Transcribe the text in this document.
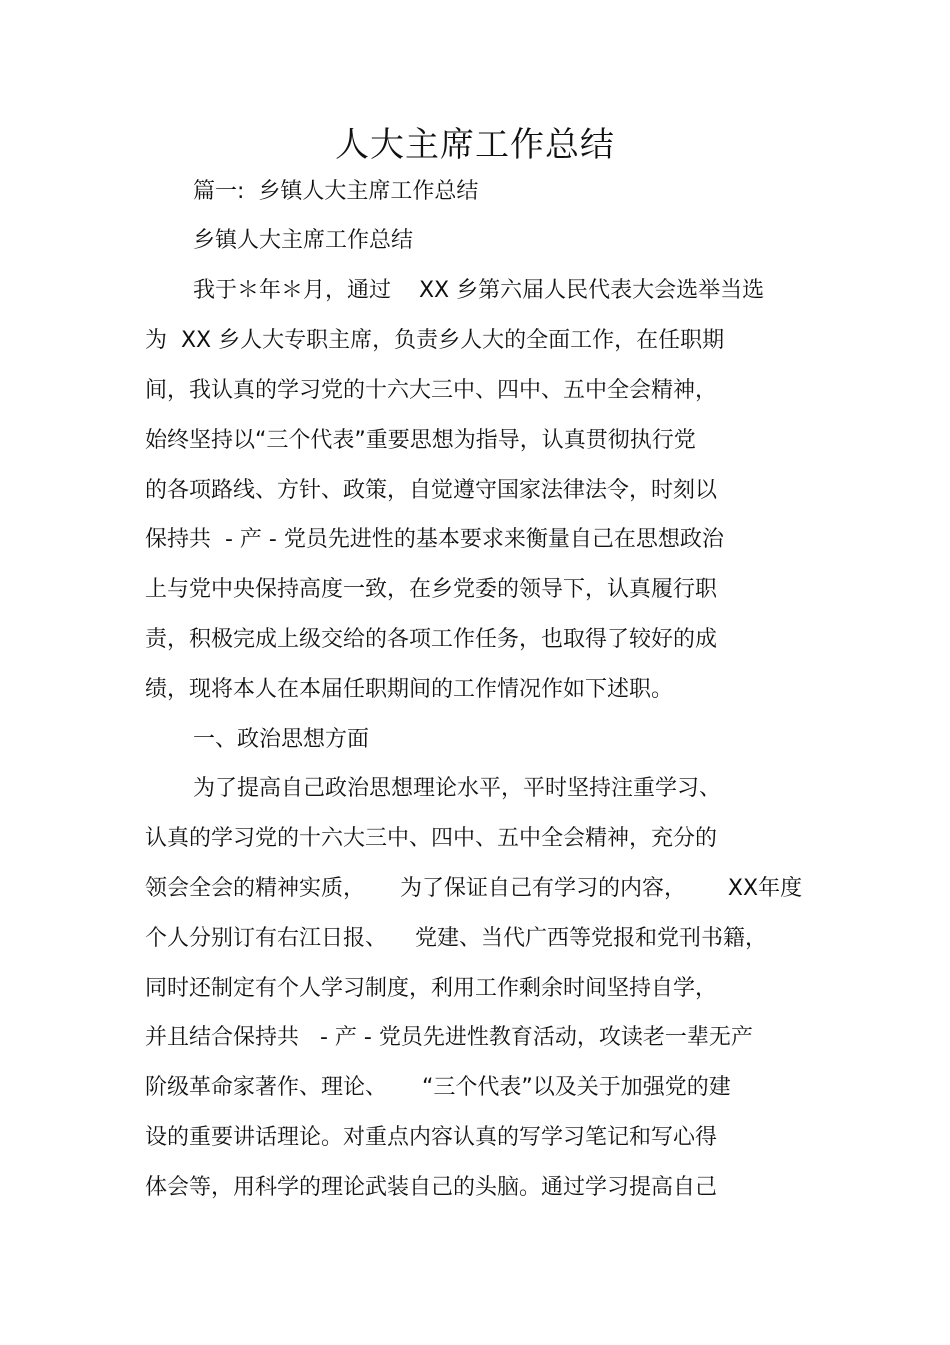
人大主席工作总结
篇一:  乡镇人大主席工作总结
乡镇人大主席工作总结
我于＊年＊月，通过    XX 乡第六届人民代表大会选举当选
为  XX 乡人大专职主席，负责乡人大的全面工作，在任职期
间，我认真的学习党的十六大三中、四中、五中全会精神，
始终坚持以“三个代表”重要思想为指导，认真贯彻执行党
的各项路线、方针、政策，自觉遵守国家法律法令，时刻以
保持共  - 产 - 党员先进性的基本要求来衡量自己在思想政治
上与党中央保持高度一致，在乡党委的领导下，认真履行职
责，积极完成上级交给的各项工作任务，也取得了较好的成
绩，现将本人在本届任职期间的工作情况作如下述职。
一、政治思想方面
为了提高自己政治思想理论水平，平时坚持注重学习、
认真的学习党的十六大三中、四中、五中全会精神，充分的
领会全会的精神实质，     为了保证自己有学习的内容，      XX年度
个人分别订有右江日报、    党建、当代广西等党报和党刊书籍，
同时还制定有个人学习制度，利用工作剩余时间坚持自学，
并且结合保持共   - 产 - 党员先进性教育活动，攻读老一辈无产
阶级革命家著作、理论、     “三个代表”以及关于加强党的建
设的重要讲话理论。对重点内容认真的写学习笔记和写心得
体会等，用科学的理论武装自己的头脑。通过学习提高自己
